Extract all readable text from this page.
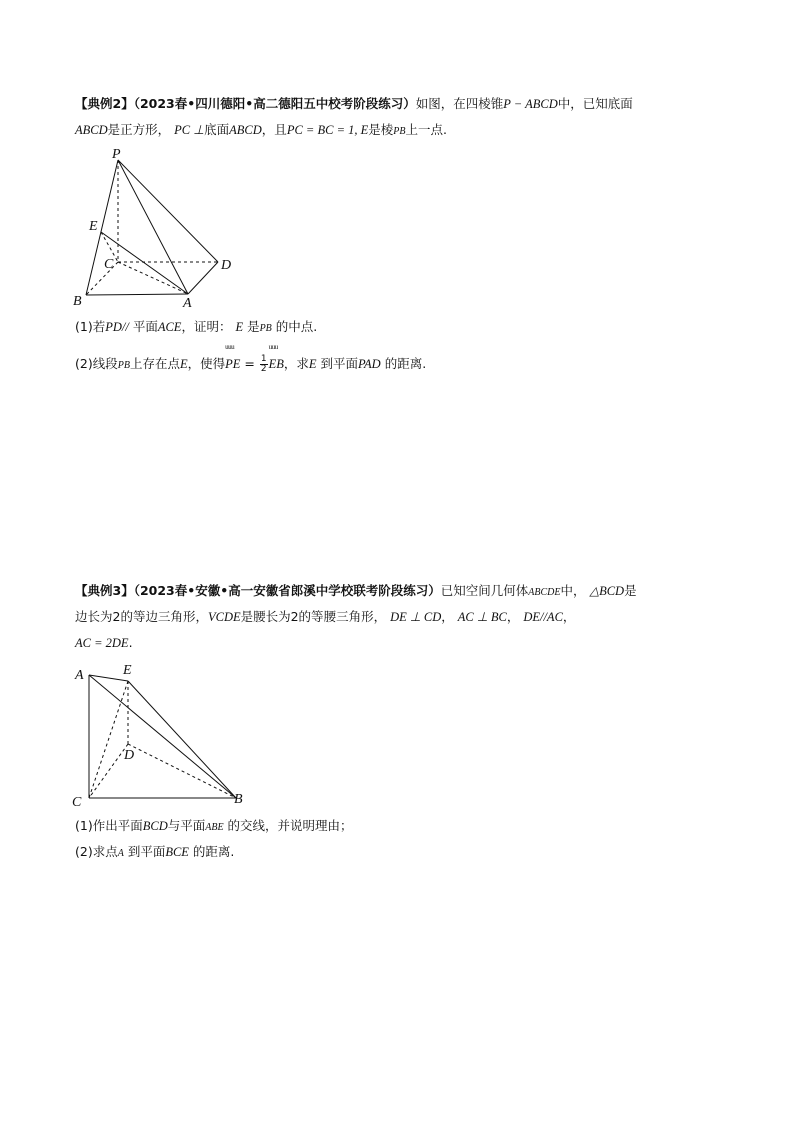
【典例2】（2023春•四川德阳•高二德阳五中校考阶段练习）如图，在四棱锥P − ABCD中，已知底面
ABCD是正方形， PC ⊥底面ABCD，且PC = BC = 1, E是棱PB上一点.
P
E
C	D
B	A
(1)若PD// 平面ACE，证明： E 是PB 的中点.
(2)线段PB上存在点E，使得
uuu
PE = $\frac{1}{2}$
uuu
EB，求E 到平面PAD 的距离.
【典例3】（2023春•安徽•高一安徽省郎溪中学校联考阶段练习）已知空间几何体ABCDE中， △BCD是
边长为2的等边三角形，VCDE是腰长为2的等腰三角形， DE ⊥ CD， AC ⊥ BC， DE//AC，
AC = 2DE.
A	E
D
C	B
(1)作出平面BCD与平面ABE 的交线，并说明理由；
(2)求点A 到平面BCE 的距离.
